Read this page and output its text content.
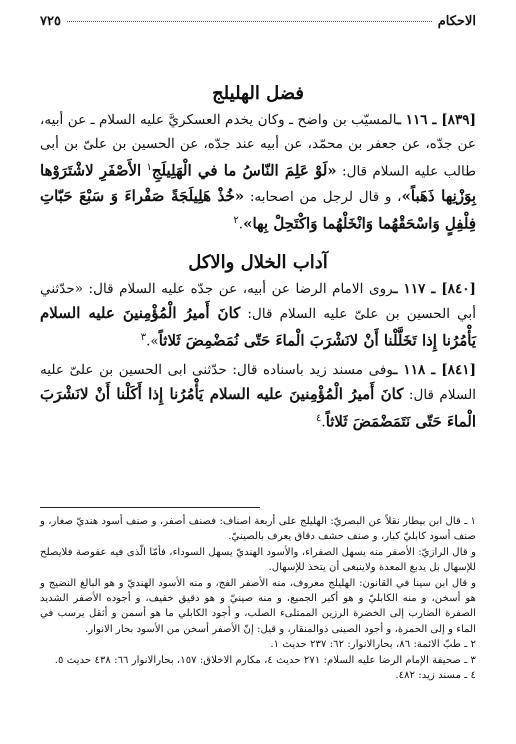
الاحكام
٧٢٥
فضل الهليلج

[٨٣٩] ـ ١١٦ ـالمسيّب بن واضح ـ وكان يخدم العسكريَّ عليه السلام ـ عن أبيه، عن جدّه، عن جعفر بن محمّد، عن أبيه عند جدّه، عن الحسين بن علىّ بن أبى طالب عليه السلام قال: «لَوْ عَلِمَ النّاسُ ما في الْهَلِيلَجِ$^١$ الأَصْفَرِ لاشْتَرَوْها بِوَزْنِها ذَهَباً»، و قال لرجل من اصحابه: «خُذْ هَلِيلَجَةً صَفْراءَ وَ سَبْعَ حَبّاتِ فِلْفِلٍ وَاسْحَقْهُما وَانْخَلْهُما وَاكْتَحِلْ بِها».$^٢$

آداب الخلال والاكل

[٨٤٠] ـ ١١٧ ـروى الامام الرضا عن أبيه، عن جدّه عليه السلام قال: «حدّثني أبي الحسين بن علىّ عليه السلام قال: كانَ أَميرُ الْمُؤْمِنينَ عليه السلام يَأْمُرُنا إِذا تَخَلَّلْنا أَنْ لانَشْرَبَ الْماءَ حَتّى نُمَضْمِضَ ثَلاثاً».$^٣$

[٨٤١] ـ ١١٨ ـوفى مسند زيد باسناده قال: حدّثنى ابى الحسين بن علىّ عليه السلام قال: كانَ أَميرُ الْمُؤْمِنينَ عليه السلام يَأْمُرُنا إِذا أَكَلْنا أَنْ لانَشْرَبَ الْماءَ حَتّى نَتَمَضْمَضَ ثَلاثاً.$^٤$

١ ـ قال ابن بيطار نقلاً عن البصريّ: الهليلج على أربعة اصناف: فصنف أصفر، و صنف أسود هنديّ صغار، و صنف أسود كابليّ كبار، و صنف حشف دقاق يعرف بالصينيّ.

و قال الرازيّ: الأصفر منه يسهل الصفراء، والأسود الهنديّ يسهل السوداء، فأمّا الّذى فيه عفوصة فلايصلح للإسهال بل يدبغ المعدة ولاينبغى أن يتخذ للإسهال.

و قال ابن سينا في القانون: الهليلج معروف، منه الأصفر الفج، و منه الأسود الهنديّ و هو البالغ النضيج و هو أسخن، و منه الكابليّ و هو أكبر الجميع، و منه صينيّ و هو دقيق خفيف، و أجوده الأصفر الشديد الصفرة الضارب إلى الخضرة الرزين الممتلىء الصلب، و أجود الكابلي ما هو أسمن و أثقل يرسب في الماء و إلى الحمرة، و أجود الصينى ذوالمنقار، و قيل: إنّ الأصفر أسخن من الأسود بحار الانوار.

٢ ـ طبّ الائمة: ٨٦، بحارالانوار: ٦٢: ٢٣٧ حديث ١.

٣ ـ صحيفة الإمام الرضا عليه السلام: ٢٧١ حديث ٤، مكارم الاخلاق: ١٥٧، بحارالانوار ٦٦: ٤٣٨ حديث ٥.

٤ ـ مسند زيد: ٤٨٢.
